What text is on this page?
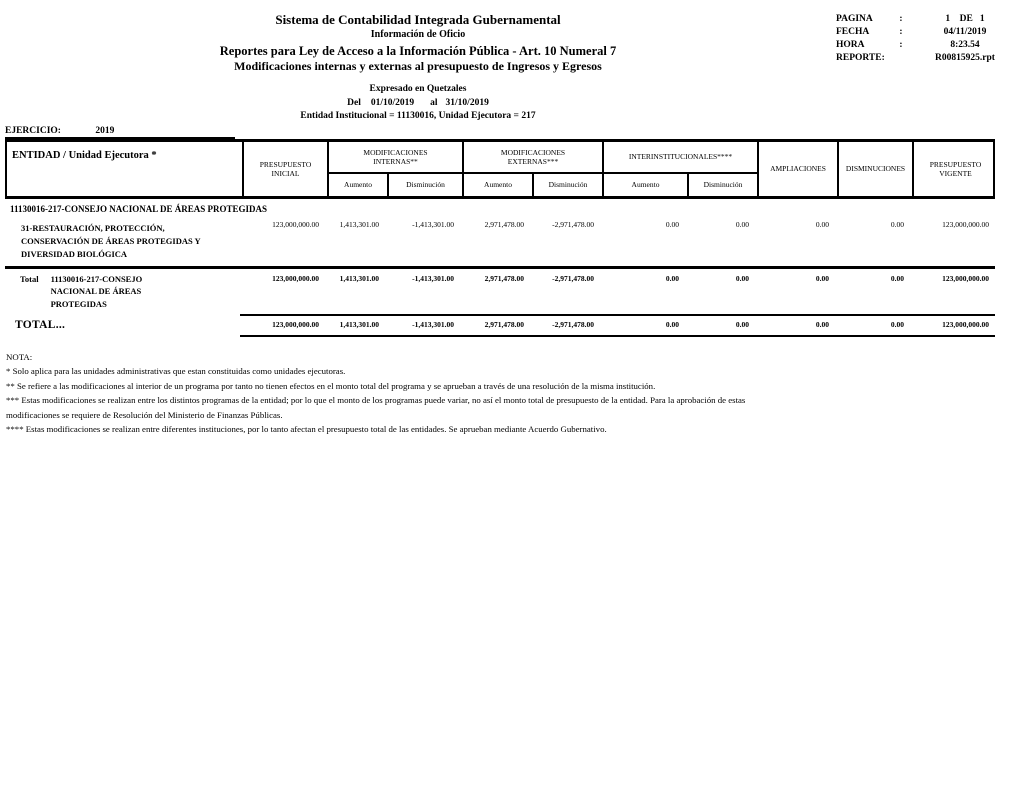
Sistema de Contabilidad Integrada Gubernamental
Información de Oficio
Reportes para Ley de Acceso a la Información Pública - Art. 10 Numeral 7
Modificaciones internas y externas al presupuesto de Ingresos y Egresos
Expresado en Quetzales
Del 01/10/2019 al 31/10/2019
Entidad Institucional = 11130016, Unidad Ejecutora = 217
PAGINA	:	1    DE   1
FECHA	:	04/11/2019
HORA	:	8:23.54
REPORTE:	R00815925.rpt
EJERCICIO:	2019
ENTIDAD / Unidad Ejecutora *
PRESUPUESTO INICIAL
MODIFICACIONES INTERNAS**
MODIFICACIONES EXTERNAS***
INTERINSTITUCIONALES****
Aumento	Disminución	Aumento	Disminución	Aumento	Disminución
AMPLIACIONES	DISMINUCIONES
PRESUPUESTO VIGENTE
11130016-217-CONSEJO NACIONAL DE ÁREAS PROTEGIDAS
31-RESTAURACIÓN, PROTECCIÓN, CONSERVACIÓN DE ÁREAS PROTEGIDAS Y DIVERSIDAD BIOLÓGICA
123,000,000.00	1,413,301.00	-1,413,301.00	2,971,478.00	-2,971,478.00	0.00	0.00	0.00	0.00	123,000,000.00
Total 11130016-217-CONSEJO NACIONAL DE ÁREAS PROTEGIDAS
123,000,000.00	1,413,301.00	-1,413,301.00	2,971,478.00	-2,971,478.00	0.00	0.00	0.00	0.00	123,000,000.00
TOTAL...	123,000,000.00	1,413,301.00	-1,413,301.00	2,971,478.00	-2,971,478.00	0.00	0.00	0.00	0.00	123,000,000.00
NOTA:
* Solo aplica para las unidades administrativas que estan constituidas como unidades ejecutoras.
** Se refiere a las modificaciones al interior de un programa por tanto no tienen efectos en el monto total del programa y se aprueban a través de una resolución de la misma institución.
*** Estas modificaciones se realizan entre los distintos programas de la entidad; por lo que el monto de los programas puede variar, no así el monto total de presupuesto de la entidad. Para la aprobación de estas
modificaciones se requiere de Resolución del Ministerio de Finanzas Públicas.
**** Estas modificaciones se realizan entre diferentes instituciones, por lo tanto afectan el presupuesto total de las entidades. Se aprueban mediante Acuerdo Gubernativo.
